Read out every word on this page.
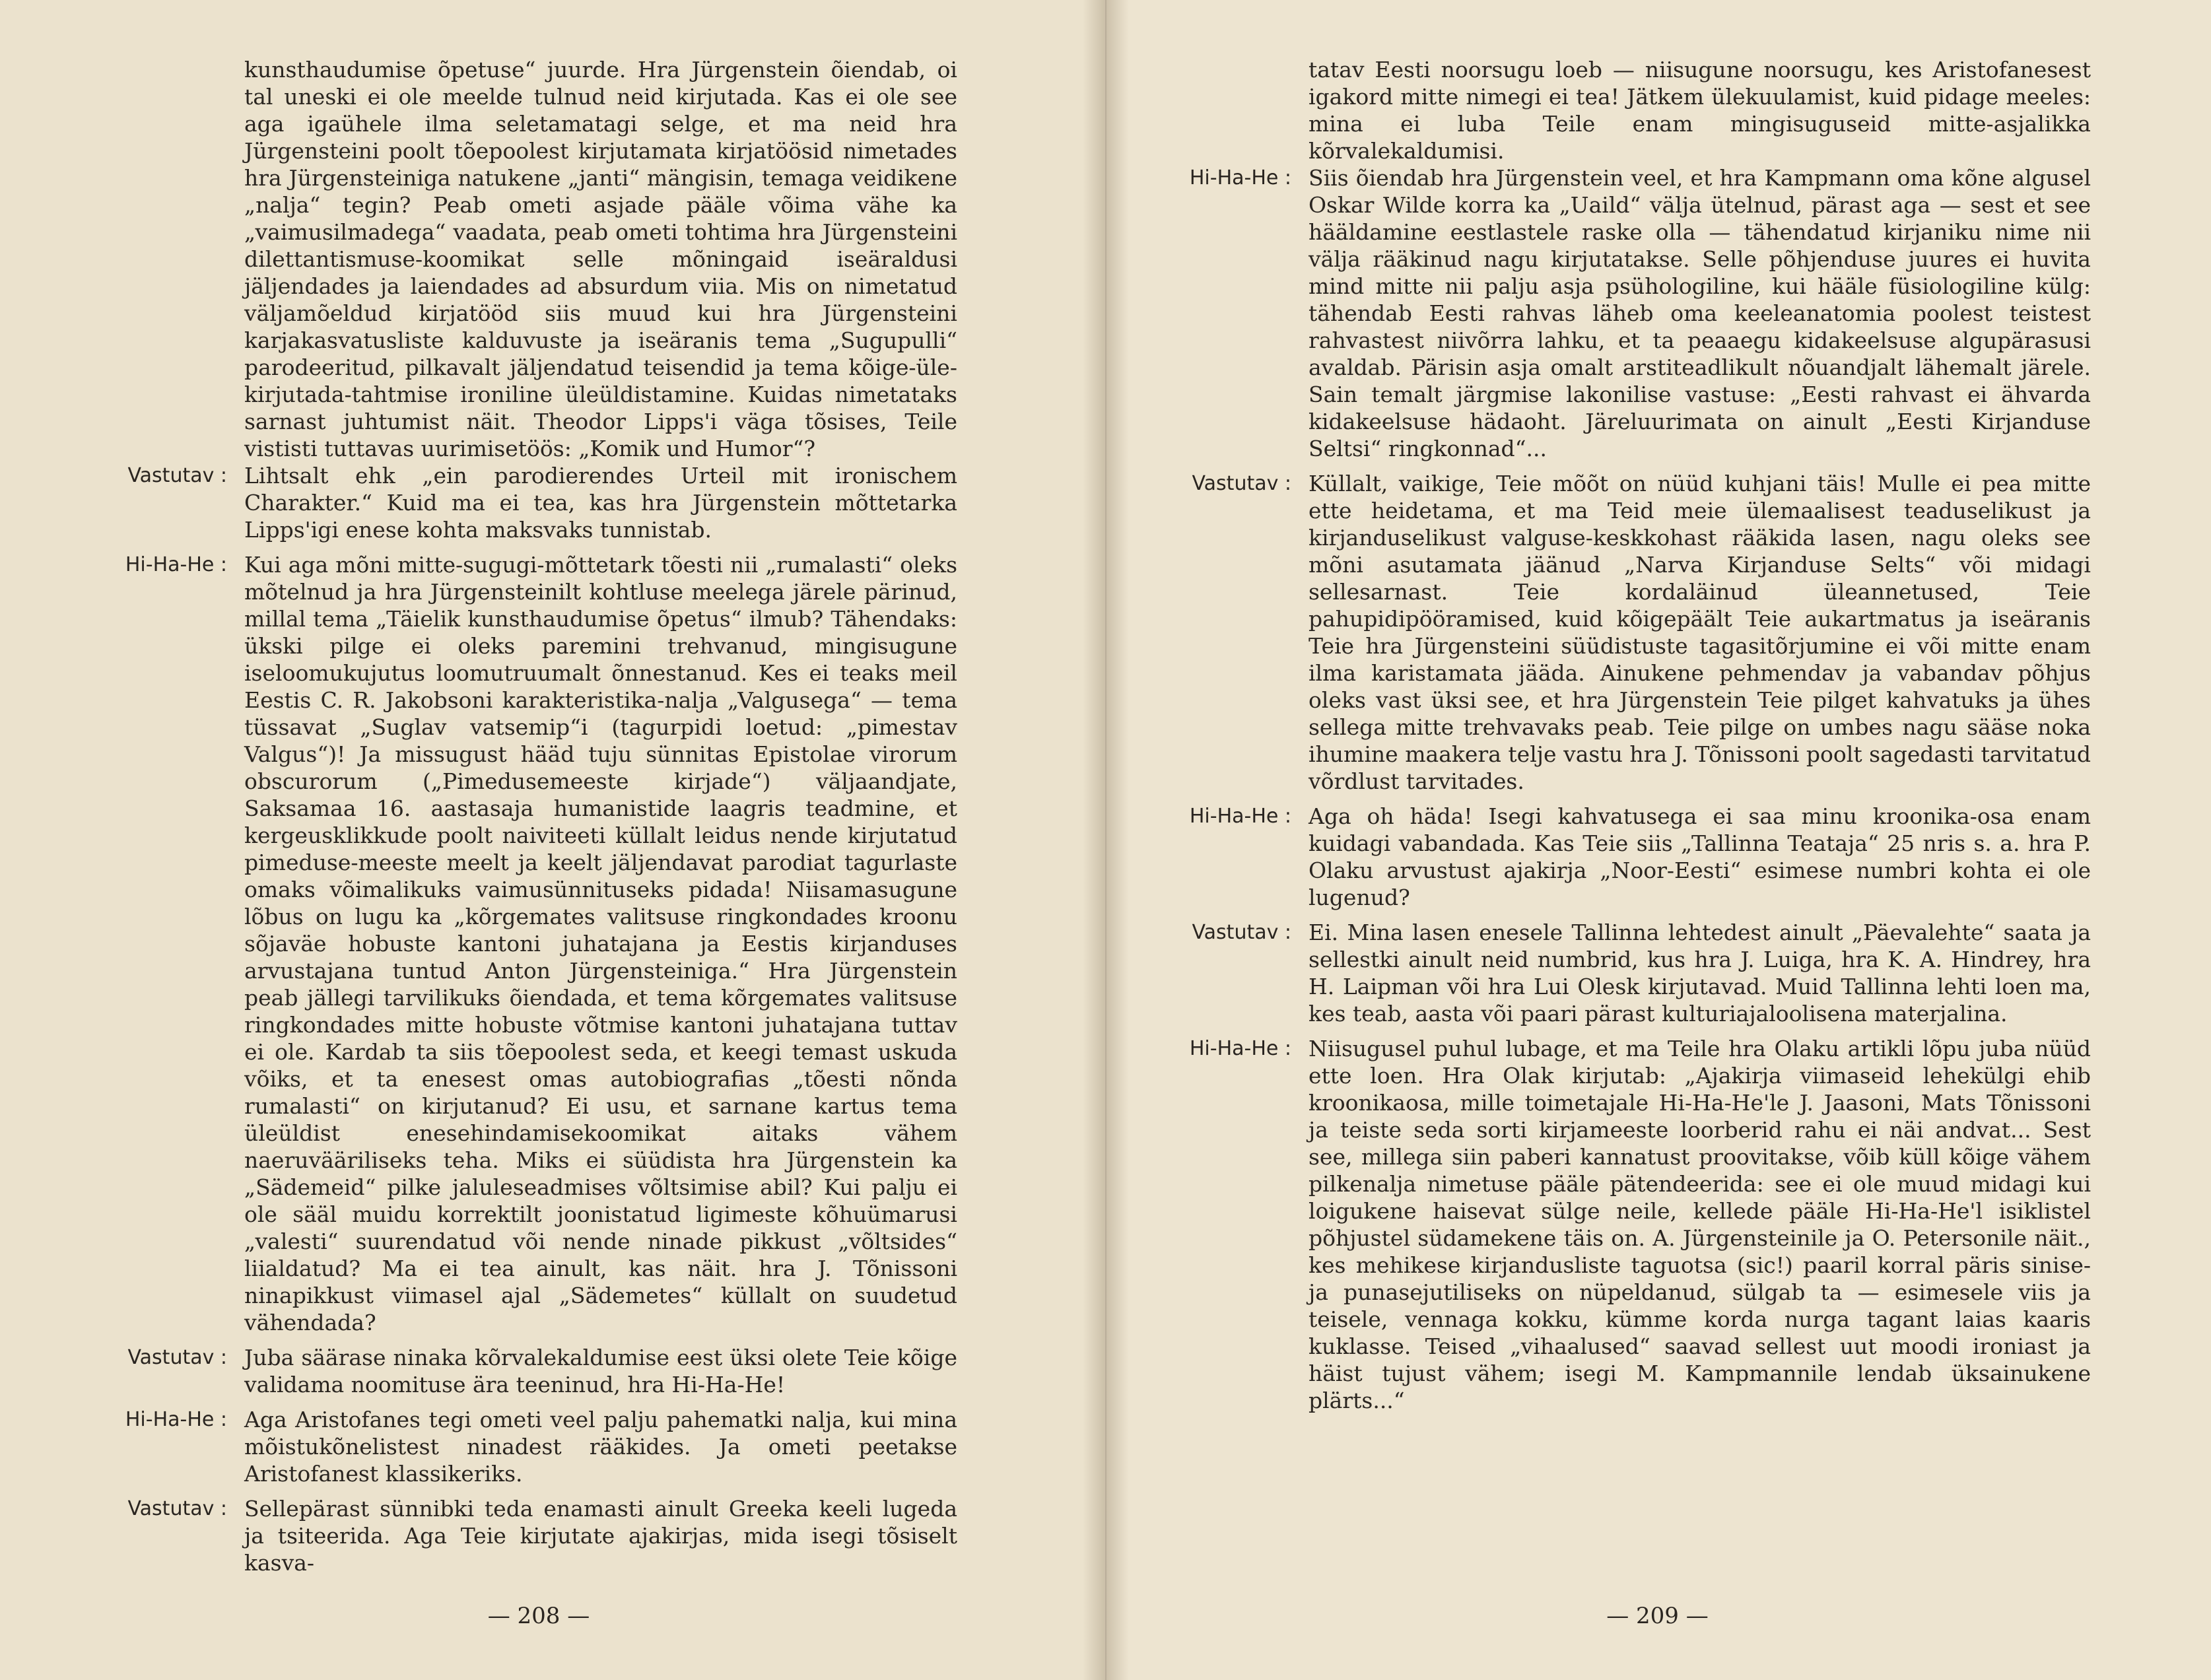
kunsthaudumise õpetuse“ juurde. Hra Jürgenstein õiendab, oi tal uneski ei ole meelde tulnud neid kirjutada. Kas ei ole see aga igaühele ilma seletamatagi selge, et ma neid hra Jürgensteini poolt tõepoolest kirjutamata kirjatöösid nimetades hra Jürgensteiniga natukene „janti“ mängisin, temaga veidikene „nalja“ tegin? Peab ometi asjade pääle võima vähe ka „vaimusilmadega“ vaadata, peab ometi tohtima hra Jürgensteini dilettantismuse-koomikat selle mõningaid iseäraldusi jäljendades ja laiendades ad absurdum viia. Mis on nimetatud väljamõeldud kirjatööd siis muud kui hra Jürgensteini karjakasvatusliste kalduvuste ja iseäranis tema „Sugupulli“ parodeeritud, pilkavalt jäljendatud teisendid ja tema kõige-üle-kirjutada-tahtmise ironiline üleüldistamine. Kuidas nimetataks sarnast juhtumist näit. Theodor Lipps'i väga tõsises, Teile vististi tuttavas uurimisetöös: „Komik und Humor“?
Vastutav : Lihtsalt ehk „ein parodierendes Urteil mit ironischem Charakter.“ Kuid ma ei tea, kas hra Jürgenstein mõttetarka Lipps'igi enese kohta maksvaks tunnistab.
Hi-Ha-He : Kui aga mõni mitte-sugugi-mõttetark tõesti nii „rumalasti“ oleks mõtelnud ja hra Jürgensteinilt kohtluse meelega järele pärinud, millal tema „Täielik kunsthaudumise õpetus“ ilmub? Tähendaks: ükski pilge ei oleks paremini trehvanud, mingisugune iseloomukujutus loomutruumalt õnnestanud. Kes ei teaks meil Eestis C. R. Jakobsoni karakteristika-nalja „Valgusega“ — tema tüssavat „Suglav vatsemip“i (tagurpidi loetud: „pimestav Valgus“)! Ja missugust hääd tuju sünnitas Epistolae virorum obscurorum („Pimedusemeeste kirjade“) väljaandjate, Saksamaa 16. aastasaja humanistide laagris teadmine, et kergeusklikkude poolt naiviteeti küllalt leidus nende kirjutatud pimeduse-meeste meelt ja keelt jäljendavat parodiat tagurlaste omaks võimalikuks vaimusünnituseks pidada! Niisamasugune lõbus on lugu ka „kõrgemates valitsuse ringkondades kroonu sõjaväe hobuste kantoni juhatajana ja Eestis kirjanduses arvustajana tuntud Anton Jürgensteiniga.“ Hra Jürgenstein peab jällegi tarvilikuks õiendada, et tema kõrgemates valitsuse ringkondades mitte hobuste võtmise kantoni juhatajana tuttav ei ole. Kardab ta siis tõepoolest seda, et keegi temast uskuda võiks, et ta enesest omas autobiografias „tõesti nõnda rumalasti“ on kirjutanud? Ei usu, et sarnane kartus tema üleüldist enesehindamisekoomikat aitaks vähem naeruvääriliseks teha. Miks ei süüdista hra Jürgenstein ka „Sädemeid“ pilke jaluleseadmises võltsimise abil? Kui palju ei ole sääl muidu korrektilt joonistatud ligimeste kõhuümarusi „valesti“ suurendatud või nende ninade pikkust „võltsides“ liialdatud? Ma ei tea ainult, kas näit. hra J. Tõnissoni ninapikkust viimasel ajal „Sädemetes“ küllalt on suudetud vähendada?
Vastutav : Juba säärase ninaka kõrvalekaldumise eest üksi olete Teie kõige validama noomituse ära teeninud, hra Hi-Ha-He!
Hi-Ha-He : Aga Aristofanes tegi ometi veel palju pahematki nalja, kui mina mõistukõnelistest ninadest rääkides. Ja ometi peetakse Aristofanest klassikeriks.
Vastutav : Sellepärast sünnibki teda enamasti ainult Greeka keeli lugeda ja tsiteerida. Aga Teie kirjutate ajakirjas, mida isegi tõsiselt kasva-
— 208 —
tatav Eesti noorsugu loeb — niisugune noorsugu, kes Aristofanesest igakord mitte nimegi ei tea! Jätkem ülekuulamist, kuid pidage meeles: mina ei luba Teile enam mingisuguseid mitte-asjalikka kõrvalekaldumisi.
Hi-Ha-He : Siis õiendab hra Jürgenstein veel, et hra Kampmann oma kõne algusel Oskar Wilde korra ka „Uaild“ välja ütelnud, pärast aga — sest et see hääldamine eestlastele raske olla — tähendatud kirjaniku nime nii välja rääkinud nagu kirjutatakse. Selle põhjenduse juures ei huvita mind mitte nii palju asja psühologiline, kui hääle füsiologiline külg: tähendab Eesti rahvas läheb oma keeleanatomia poolest teistest rahvastest niivõrra lahku, et ta peaaegu kidakeelsuse algupärasusi avaldab. Pärisin asja omalt arstiteadlikult nõuandjalt lähemalt järele. Sain temalt järgmise lakonilise vastuse: „Eesti rahvast ei ähvarda kidakeelsuse hädaoht. Järeluurimata on ainult „Eesti Kirjanduse Seltsi“ ringkonnad“...
Vastutav : Küllalt, vaikige, Teie mõõt on nüüd kuhjani täis! Mulle ei pea mitte ette heidetama, et ma Teid meie ülemaalisest teaduselikust ja kirjanduselikust valguse-keskkohast rääkida lasen, nagu oleks see mõni asutamata jäänud „Narva Kirjanduse Selts“ või midagi sellesarnast. Teie kordaläinud üleannetused, Teie pahupidipööramised, kuid kõigepäält Teie aukartmatus ja iseäranis Teie hra Jürgensteini süüdistuste tagasitõrjumine ei või mitte enam ilma karistamata jääda. Ainukene pehmendav ja vabandav põhjus oleks vast üksi see, et hra Jürgenstein Teie pilget kahvatuks ja ühes sellega mitte trehvavaks peab. Teie pilge on umbes nagu sääse noka ihumine maakera telje vastu hra J. Tõnissoni poolt sagedasti tarvitatud võrdlust tarvitades.
Hi-Ha-He : Aga oh häda! Isegi kahvatusega ei saa minu kroonika-osa enam kuidagi vabandada. Kas Teie siis „Tallinna Teataja“ 25 nris s. a. hra P. Olaku arvustust ajakirja „Noor-Eesti“ esimese numbri kohta ei ole lugenud?
Vastutav : Ei. Mina lasen enesele Tallinna lehtedest ainult „Päevalehte“ saata ja sellestki ainult neid numbrid, kus hra J. Luiga, hra K. A. Hindrey, hra H. Laipman või hra Lui Olesk kirjutavad. Muid Tallinna lehti loen ma, kes teab, aasta või paari pärast kulturiajaloolisena materjalina.
Hi-Ha-He : Niisugusel puhul lubage, et ma Teile hra Olaku artikli lõpu juba nüüd ette loen. Hra Olak kirjutab: „Ajakirja viimaseid lehekülgi ehib kroonikaosa, mille toimetajale Hi-Ha-He'le J. Jaasoni, Mats Tõnissoni ja teiste seda sorti kirjameeste loorberid rahu ei näi andvat... Sest see, millega siin paberi kannatust proovitakse, võib küll kõige vähem pilkenalja nimetuse pääle pätendeerida: see ei ole muud midagi kui loigukene haisevat sülge neile, kellede pääle Hi-Ha-He'l isiklistel põhjustel südamekene täis on. A. Jürgensteinile ja O. Petersonile näit., kes mehikese kirjandusliste taguotsa (sic!) paaril korral päris sinise- ja punasejutiliseks on nüpeldanud, sülgab ta — esimesele viis ja teisele, vennaga kokku, kümme korda nurga tagant laias kaaris kuklasse. Teised „vihaalused“ saavad sellest uut moodi ironiast ja häist tujust vähem; isegi M. Kampmannile lendab üksainukene plärts...“
— 209 —
